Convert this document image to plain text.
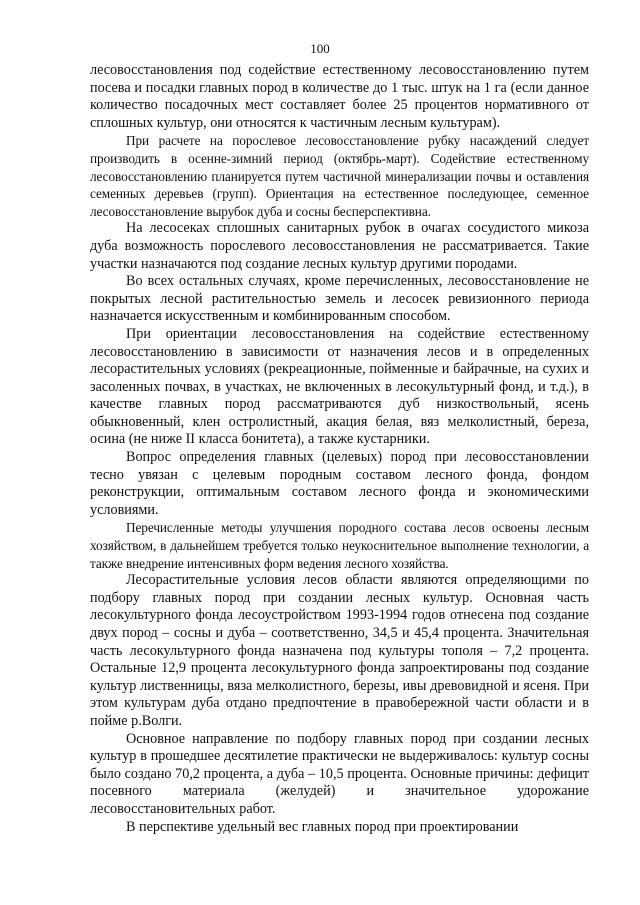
100

лесовосстановления под содействие естественному лесовосстановлению путем посева и посадки главных пород в количестве до 1 тыс. штук на 1 га (если данное количество посадочных мест составляет более 25 процентов нормативного от сплошных культур, они относятся к частичным лесным культурам).

При расчете на порослевое лесовосстановление рубку насаждений следует производить в осенне-зимний период (октябрь-март). Содействие естественному лесовосстановлению планируется путем частичной минерализации почвы и оставления семенных деревьев (групп). Ориентация на естественное последующее, семенное лесовосстановление вырубок дуба и сосны бесперспективна.

На лесосеках сплошных санитарных рубок в очагах сосудистого микоза дуба возможность порослевого лесовосстановления не рассматривается. Такие участки назначаются под создание лесных культур другими породами.

Во всех остальных случаях, кроме перечисленных, лесовосстановление не покрытых лесной растительностью земель и лесосек ревизионного периода назначается искусственным и комбинированным способом.

При ориентации лесовосстановления на содействие естественному лесовосстановлению в зависимости от назначения лесов и в определенных лесорастительных условиях (рекреационные, пойменные и байрачные, на сухих и засоленных почвах, в участках, не включенных в лесокультурный фонд, и т.д.), в качестве главных пород рассматриваются дуб низкоствольный, ясень обыкновенный, клен остролистный, акация белая, вяз мелколистный, береза, осина (не ниже II класса бонитета), а также кустарники.

Вопрос определения главных (целевых) пород при лесовосстановлении тесно увязан с целевым породным составом лесного фонда, фондом реконструкции, оптимальным составом лесного фонда и экономическими условиями.

Перечисленные методы улучшения породного состава лесов освоены лесным хозяйством, в дальнейшем требуется только неукоснительное выполнение технологии, а также внедрение интенсивных форм ведения лесного хозяйства.

Лесорастительные условия лесов области являются определяющими по подбору главных пород при создании лесных культур. Основная часть лесокультурного фонда лесоустройством 1993-1994 годов отнесена под создание двух пород – сосны и дуба – соответственно, 34,5 и 45,4 процента. Значительная часть лесокультурного фонда назначена под культуры тополя – 7,2 процента. Остальные 12,9 процента лесокультурного фонда запроектированы под создание культур лиственницы, вяза мелколистного, березы, ивы древовидной и ясеня. При этом культурам дуба отдано предпочтение в правобережной части области и в пойме р.Волги.

Основное направление по подбору главных пород при создании лесных культур в прошедшее десятилетие практически не выдерживалось: культур сосны было создано 70,2 процента, а дуба – 10,5 процента. Основные причины: дефицит посевного материала (желудей) и значительное удорожание лесовосстановительных работ.

В перспективе удельный вес главных пород при проектировании
